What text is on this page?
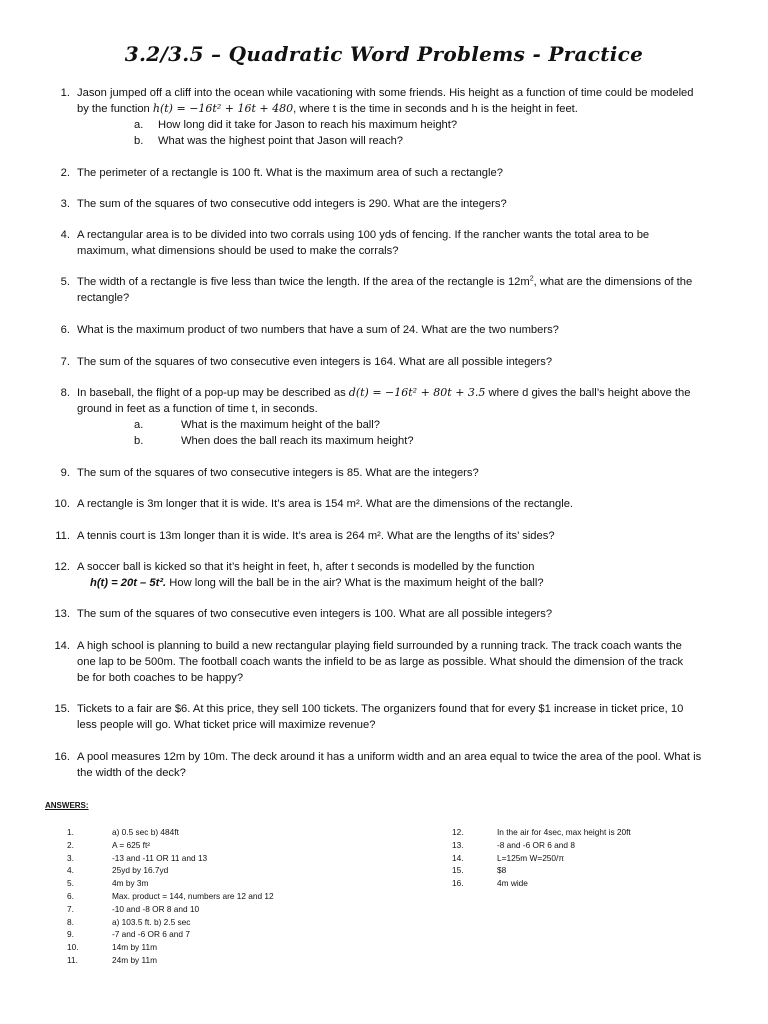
3.2/3.5 – Quadratic Word Problems - Practice
1. Jason jumped off a cliff into the ocean while vacationing with some friends. His height as a function of time could be modeled
by the function h(t) = −16t² + 16t + 480, where t is the time in seconds and h is the height in feet.
a. How long did it take for Jason to reach his maximum height?
b. What was the highest point that Jason will reach?
2. The perimeter of a rectangle is 100 ft. What is the maximum area of such a rectangle?
3. The sum of the squares of two consecutive odd integers is 290. What are the integers?
4. A rectangular area is to be divided into two corrals using 100 yds of fencing. If the rancher wants the total area to be
maximum, what dimensions should be used to make the corrals?
5. The width of a rectangle is five less than twice the length. If the area of the rectangle is $12m^2$, what are the dimensions of the
rectangle?
6. What is the maximum product of two numbers that have a sum of 24. What are the two numbers?
7. The sum of the squares of two consecutive even integers is 164. What are all possible integers?
8. In baseball, the flight of a pop-up may be described as d(t) = −16t² + 80t + 3.5 where d gives the ball’s height above the
ground in feet as a function of time t, in seconds.
a.	What is the maximum height of the ball?
b.	When does the ball reach its maximum height?
9. The sum of the squares of two consecutive integers is 85. What are the integers?
10. A rectangle is 3m longer that it is wide. It’s area is 154 m². What are the dimensions of the rectangle.
11. A tennis court is 13m longer than it is wide. It’s area is 264 m². What are the lengths of its’ sides?
12. A soccer ball is kicked so that it’s height in feet, h, after t seconds is modelled by the function
h(t) = 20t – 5t². How long will the ball be in the air? What is the maximum height of the ball?
13. The sum of the squares of two consecutive even integers is 100. What are all possible integers?
14. A high school is planning to build a new rectangular playing field surrounded by a running track. The track coach wants the
one lap to be 500m. The football coach wants the infield to be as large as possible. What should the dimension of the track
be for both coaches to be happy?
15. Tickets to a fair are $6. At this price, they sell 100 tickets. The organizers found that for every $1 increase in ticket price, 10
less people will go. What ticket price will maximize revenue?
16. A pool measures 12m by 10m. The deck around it has a uniform width and an area equal to twice the area of the pool. What is
the width of the deck?
ANSWERS:
1.	a) 0.5 sec b) 484ft
2.	A = 625 ft²
3.	-13 and -11 OR 11 and 13
4.	25yd by 16.7yd
5.	4m by 3m
6.	Max. product = 144, numbers are 12 and 12
7.	-10 and -8 OR 8 and 10
8.	a) 103.5 ft. b) 2.5 sec
9.	-7 and -6 OR 6 and 7
10.	14m by 11m
11.	24m by 11m
12.	In the air for 4sec, max height is 20ft
13.	-8 and -6 OR 6 and 8
14.	L=125m W=250/π
15.	$8
16.	4m wide
